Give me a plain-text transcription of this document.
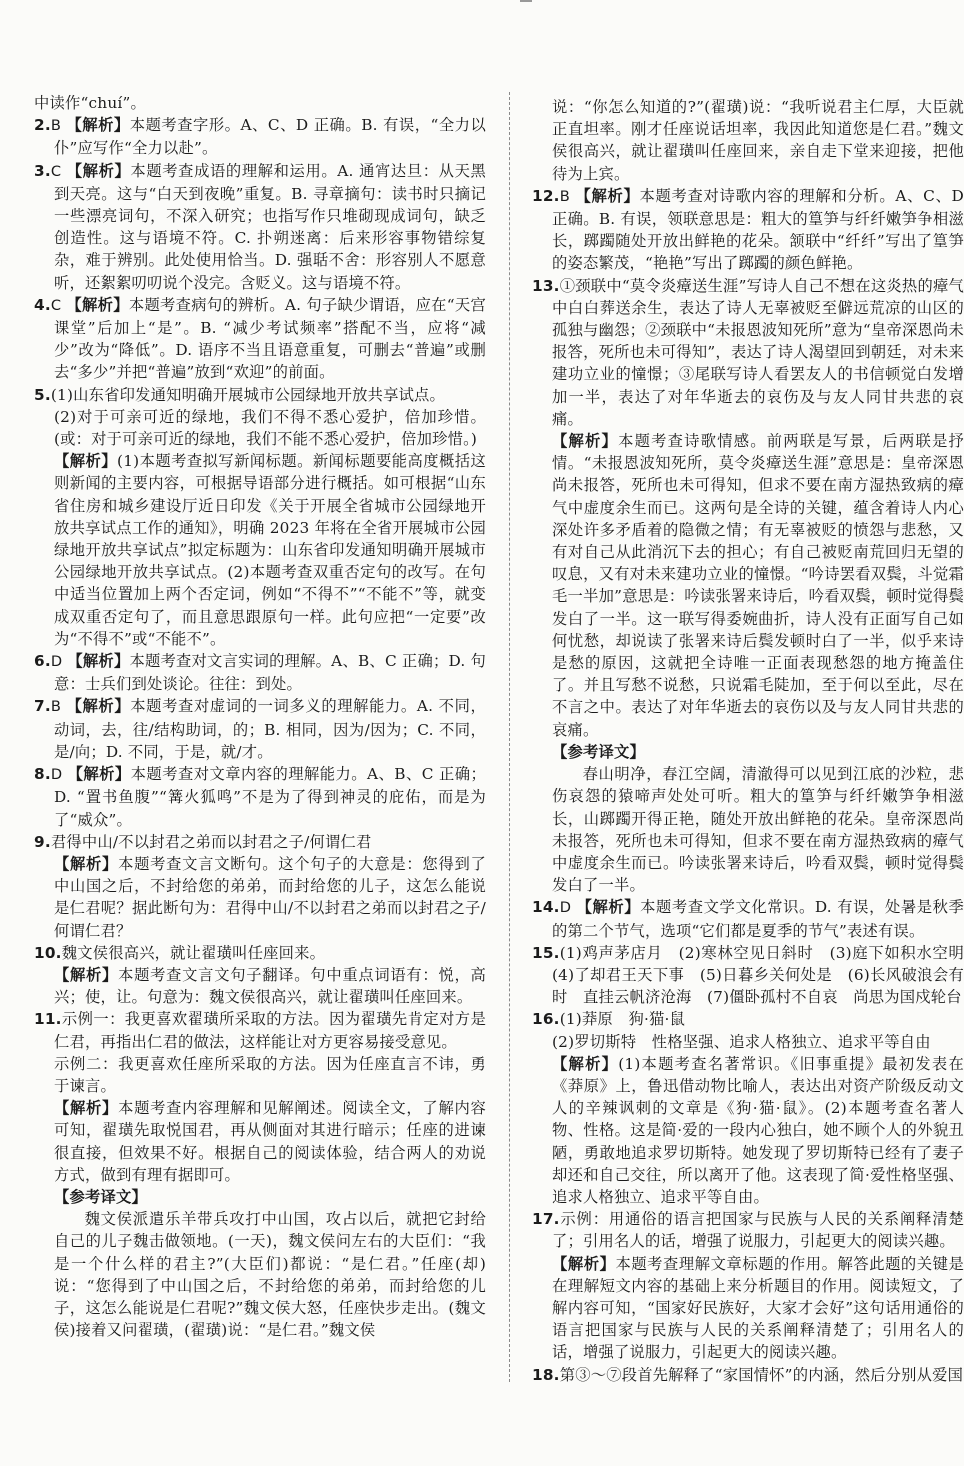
中读作“chuí”。

2.B 【解析】本题考查字形。A、C、D 正确。B. 有误，“全力以仆”应写作“全力以赴”。

3.C 【解析】本题考查成语的理解和运用。A. 通宵达旦：从天黑到天亮。这与“白天到夜晚”重复。B. 寻章摘句：读书时只摘记一些漂亮词句，不深入研究；也指写作只堆砌现成词句，缺乏创造性。这与语境不符。C. 扑朔迷离：后来形容事物错综复杂，难于辨别。此处使用恰当。D. 强聒不舍：形容别人不愿意听，还絮絮叨叨说个没完。含贬义。这与语境不符。

4.C 【解析】本题考查病句的辨析。A. 句子缺少谓语，应在“天宫课堂”后加上“是”。B. “减少考试频率”搭配不当，应将“减少”改为“降低”。D. 语序不当且语意重复，可删去“普遍”或删去“多少”并把“普遍”放到“欢迎”的前面。

5.(1)山东省印发通知明确开展城市公园绿地开放共享试点。

(2)对于可亲可近的绿地，我们不得不悉心爱护，倍加珍惜。(或：对于可亲可近的绿地，我们不能不悉心爱护，倍加珍惜。)

【解析】(1)本题考查拟写新闻标题。新闻标题要能高度概括这则新闻的主要内容，可根据导语部分进行概括。如可根据“山东省住房和城乡建设厅近日印发《关于开展全省城市公园绿地开放共享试点工作的通知》，明确 2023 年将在全省开展城市公园绿地开放共享试点”拟定标题为：山东省印发通知明确开展城市公园绿地开放共享试点。(2)本题考查双重否定句的改写。在句中适当位置加上两个否定词，例如“不得不”“不能不”等，就变成双重否定句了，而且意思跟原句一样。此句应把“一定要”改为“不得不”或“不能不”。

6.D 【解析】本题考查对文言实词的理解。A、B、C 正确；D. 句意：士兵们到处谈论。往往：到处。

7.B 【解析】本题考查对虚词的一词多义的理解能力。A. 不同，动词，去，往/结构助词，的；B. 相同，因为/因为；C. 不同，是/向；D. 不同，于是，就/才。

8.D 【解析】本题考查对文章内容的理解能力。A、B、C 正确；D. “置书鱼腹”“篝火狐鸣”不是为了得到神灵的庇佑，而是为了“威众”。

9.君得中山/不以封君之弟而以封君之子/何谓仁君

【解析】本题考查文言文断句。这个句子的大意是：您得到了中山国之后，不封给您的弟弟，而封给您的儿子，这怎么能说是仁君呢？据此断句为：君得中山/不以封君之弟而以封君之子/何谓仁君？

10.魏文侯很高兴，就让翟璜叫任座回来。

【解析】本题考查文言文句子翻译。句中重点词语有：悦，高兴；使，让。句意为：魏文侯很高兴，就让翟璜叫任座回来。

11.示例一：我更喜欢翟璜所采取的方法。因为翟璜先肯定对方是仁君，再指出仁君的做法，这样能让对方更容易接受意见。

示例二：我更喜欢任座所采取的方法。因为任座直言不讳，勇于谏言。

【解析】本题考查内容理解和见解阐述。阅读全文，了解内容可知，翟璜先取悦国君，再从侧面对其进行暗示；任座的进谏很直接，但效果不好。根据自己的阅读体验，结合两人的劝说方式，做到有理有据即可。

【参考译文】

魏文侯派遣乐羊带兵攻打中山国，攻占以后，就把它封给自己的儿子魏击做领地。(一天)，魏文侯问左右的大臣们：“我是一个什么样的君主?”(大臣们)都说：“是仁君。”任座(却)说：“您得到了中山国之后，不封给您的弟弟，而封给您的儿子，这怎么能说是仁君呢?”魏文侯大怒，任座快步走出。(魏文侯)接着又问翟璜，(翟璜)说：“是仁君。”魏文侯

说：“你怎么知道的?”(翟璜)说：“我听说君主仁厚，大臣就正直坦率。刚才任座说话坦率，我因此知道您是仁君。”魏文侯很高兴，就让翟璜叫任座回来，亲自走下堂来迎接，把他待为上宾。

12.B 【解析】本题考查对诗歌内容的理解和分析。A、C、D 正确。B. 有误，领联意思是：粗大的篁笋与纤纤嫩笋争相滋长，踯躅随处开放出鲜艳的花朵。颔联中“纤纤”写出了篁笋的姿态繁茂，“艳艳”写出了踯躅的颜色鲜艳。

13.①颈联中“莫令炎瘴送生涯”写诗人自己不想在这炎热的瘴气中白白葬送余生，表达了诗人无辜被贬至僻远荒凉的山区的孤独与幽怨；②颈联中“未报恩波知死所”意为“皇帝深恩尚未报答，死所也未可得知”，表达了诗人渴望回到朝廷，对未来建功立业的憧憬；③尾联写诗人看罢友人的书信顿觉白发增加一半，表达了对年华逝去的哀伤及与友人同甘共悲的哀痛。

【解析】本题考查诗歌情感。前两联是写景，后两联是抒情。“未报恩波知死所，莫令炎瘴送生涯”意思是：皇帝深恩尚未报答，死所也未可得知，但求不要在南方湿热致病的瘴气中虚度余生而已。这两句是全诗的关键，蕴含着诗人内心深处许多矛盾着的隐微之情；有无辜被贬的愤怨与悲愁，又有对自己从此消沉下去的担心；有自己被贬南荒回归无望的叹息，又有对未来建功立业的憧憬。“吟诗罢看双鬓，斗觉霜毛一半加”意思是：吟读张署来诗后，吟看双鬓，顿时觉得鬓发白了一半。这一联写得委婉曲折，诗人没有正面写自己如何忧愁，却说读了张署来诗后鬓发顿时白了一半，似乎来诗是愁的原因，这就把全诗唯一正面表现愁怨的地方掩盖住了。并且写愁不说愁，只说霜毛陡加，至于何以至此，尽在不言之中。表达了对年华逝去的哀伤以及与友人同甘共悲的哀痛。

【参考译文】

春山明净，春江空阔，清澈得可以见到江底的沙粒，悲伤哀怨的猿啼声处处可听。粗大的篁笋与纤纤嫩笋争相滋长，山踯躅开得正艳，随处开放出鲜艳的花朵。皇帝深恩尚未报答，死所也未可得知，但求不要在南方湿热致病的瘴气中虚度余生而已。吟读张署来诗后，吟看双鬓，顿时觉得鬓发白了一半。

14.D 【解析】本题考查文学文化常识。D. 有误，处暑是秋季的第二个节气，选项“它们都是夏季的节气”表述有误。

15.(1)鸡声茅店月　(2)寒林空见日斜时　(3)庭下如积水空明　(4)了却君王天下事　(5)日暮乡关何处是　(6)长风破浪会有时　直挂云帆济沧海　(7)僵卧孤村不自哀　尚思为国戍轮台

16.(1)莽原　狗·猫·鼠

(2)罗切斯特　性格坚强、追求人格独立、追求平等自由

【解析】(1)本题考查名著常识。《旧事重提》最初发表在《莽原》上，鲁迅借动物比喻人，表达出对资产阶级反动文人的辛辣讽刺的文章是《狗·猫·鼠》。(2)本题考查名著人物、性格。这是简·爱的一段内心独白，她不顾个人的外貌丑陋，勇敢地追求罗切斯特。她发现了罗切斯特已经有了妻子却还和自己交往，所以离开了他。这表现了简·爱性格坚强、追求人格独立、追求平等自由。

17.示例：用通俗的语言把国家与民族与人民的关系阐释清楚了；引用名人的话，增强了说服力，引起更大的阅读兴趣。

【解析】本题考查理解文章标题的作用。解答此题的关键是在理解短文内容的基础上来分析题目的作用。阅读短文，了解内容可知，“国家好民族好，大家才会好”这句话用通俗的语言把国家与民族与人民的关系阐释清楚了；引用名人的话，增强了说服力，引起更大的阅读兴趣。

18.第③～⑦段首先解释了“家国情怀”的内涵，然后分别从爱国
